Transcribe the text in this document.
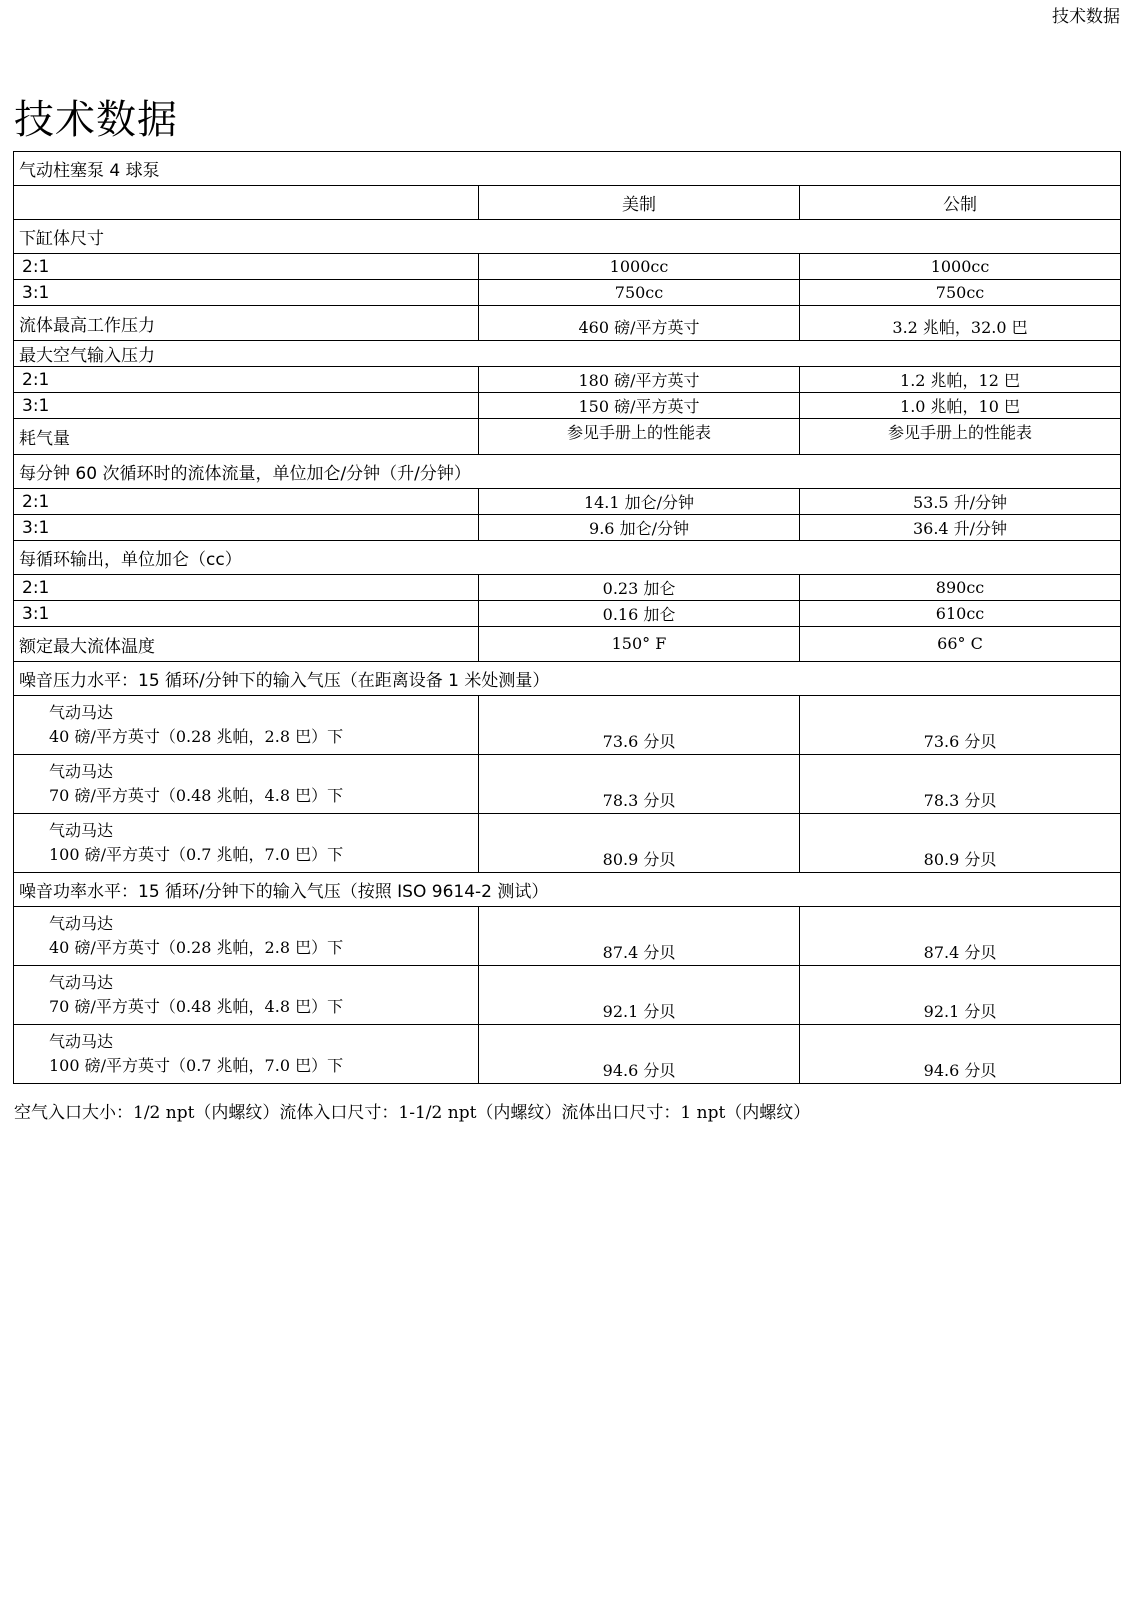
技术数据
技术数据
气动柱塞泵 4 球泵		
	美制	公制
下缸体尺寸		
2:1	1000cc	1000cc
3:1	750cc	750cc
流体最高工作压力	460 磅/平方英寸	3.2 兆帕，32.0 巴
最大空气输入压力		
2:1	180 磅/平方英寸	1.2 兆帕，12 巴
3:1	150 磅/平方英寸	1.0 兆帕，10 巴
耗气量	参见手册上的性能表	参见手册上的性能表
每分钟 60 次循环时的流体流量，单位加仑/分钟（升/分钟）		
2:1	14.1 加仑/分钟	53.5 升/分钟
3:1	9.6 加仑/分钟	36.4 升/分钟
每循环输出，单位加仑（cc）		
2:1	0.23 加仑	890cc
3:1	0.16 加仑	610cc
额定最大流体温度	150° F	66° C
噪音压力水平：15 循环/分钟下的输入气压（在距离设备 1 米处测量）		

气动马达
40 磅/平方英寸（0.28 兆帕，2.8 巴）下	73.6 分贝	73.6 分贝

气动马达
70 磅/平方英寸（0.48 兆帕，4.8 巴）下	78.3 分贝	78.3 分贝

气动马达
100 磅/平方英寸（0.7 兆帕，7.0 巴）下	80.9 分贝	80.9 分贝
噪音功率水平：15 循环/分钟下的输入气压（按照 ISO 9614-2 测试）		

气动马达
40 磅/平方英寸（0.28 兆帕，2.8 巴）下	87.4 分贝	87.4 分贝

气动马达
70 磅/平方英寸（0.48 兆帕，4.8 巴）下	92.1 分贝	92.1 分贝

气动马达
100 磅/平方英寸（0.7 兆帕，7.0 巴）下	94.6 分贝	94.6 分贝
空气入口大小：1/2 npt（内螺纹）流体入口尺寸：1-1/2 npt（内螺纹）流体出口尺寸：1 npt（内螺纹）
